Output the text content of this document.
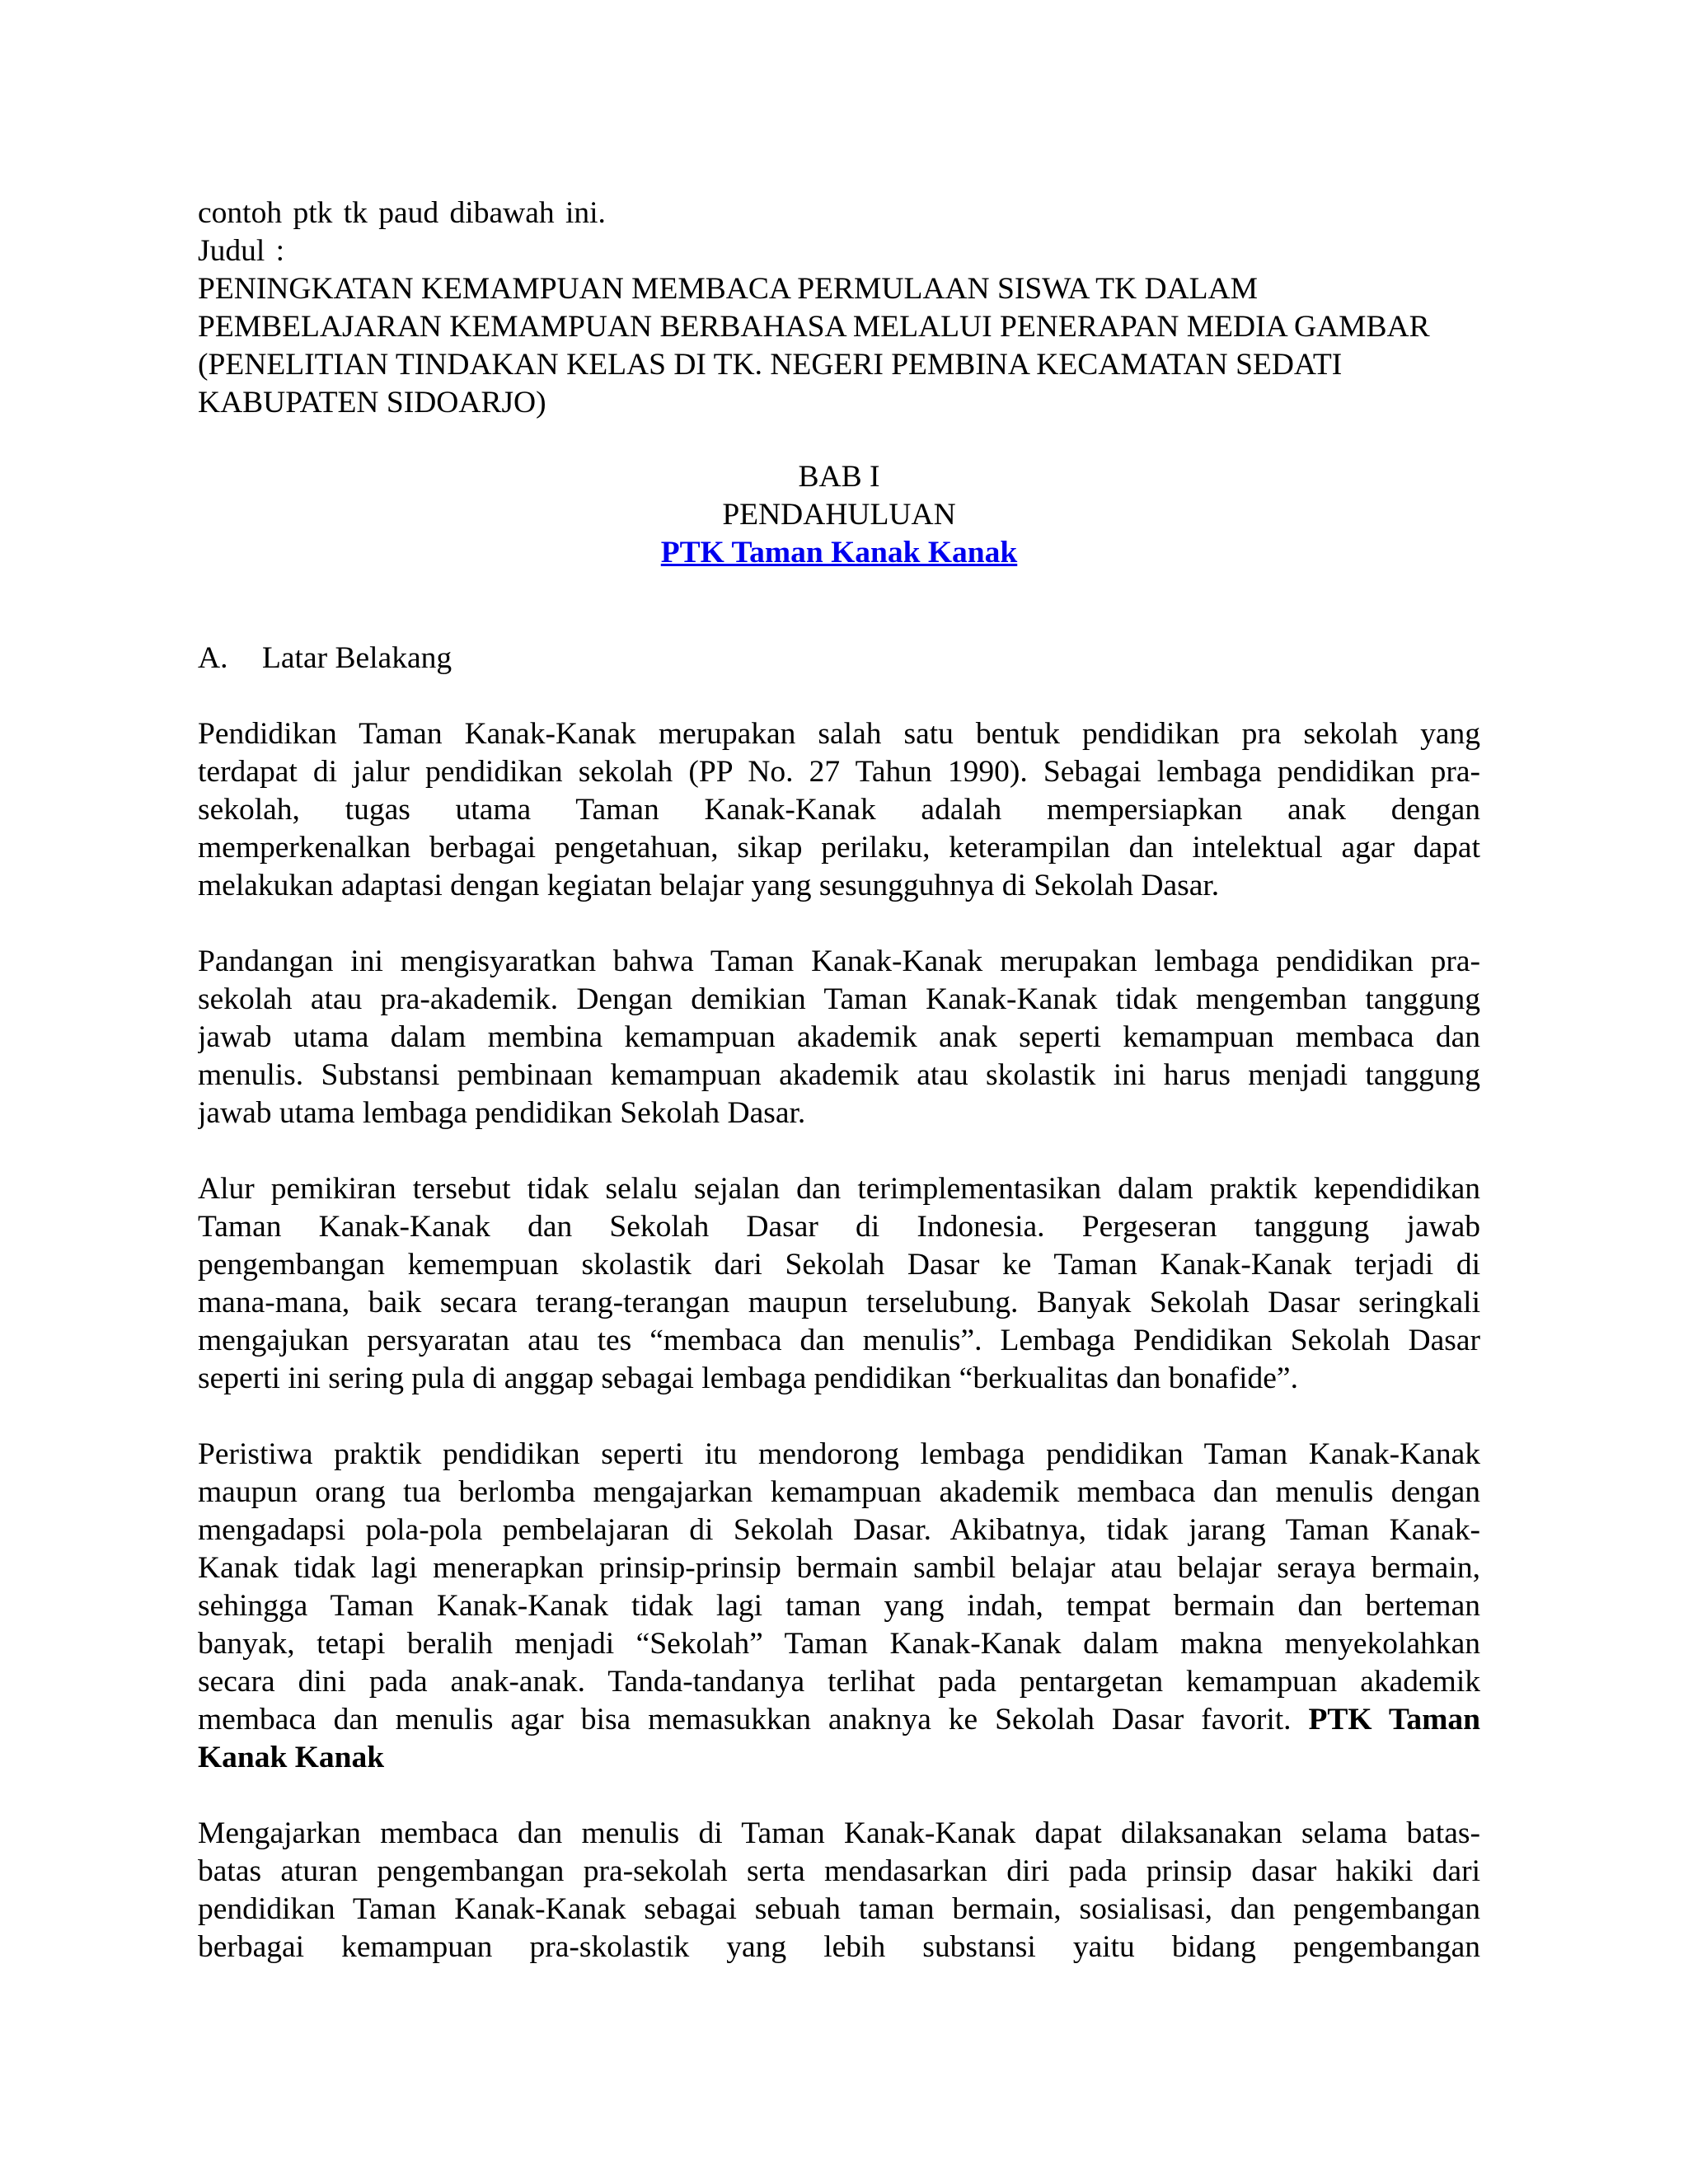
contoh ptk tk paud dibawah ini.
Judul :
PENINGKATAN KEMAMPUAN MEMBACA PERMULAAN SISWA TK DALAM PEMBELAJARAN KEMAMPUAN BERBAHASA MELALUI PENERAPAN MEDIA GAMBAR (PENELITIAN TINDAKAN KELAS DI TK. NEGERI PEMBINA KECAMATAN SEDATI KABUPATEN SIDOARJO)
BAB I
PENDAHULUAN
PTK Taman Kanak Kanak
A.	Latar Belakang
Pendidikan Taman Kanak-Kanak merupakan salah satu bentuk pendidikan pra sekolah yang
terdapat di jalur pendidikan sekolah (PP No. 27 Tahun 1990). Sebagai lembaga pendidikan pra-
sekolah, tugas utama Taman Kanak-Kanak adalah mempersiapkan anak dengan
memperkenalkan berbagai pengetahuan, sikap perilaku, keterampilan dan intelektual agar dapat
melakukan adaptasi dengan kegiatan belajar yang sesungguhnya di Sekolah Dasar.
Pandangan ini mengisyaratkan bahwa Taman Kanak-Kanak merupakan lembaga pendidikan pra-
sekolah atau pra-akademik. Dengan demikian Taman Kanak-Kanak tidak mengemban tanggung
jawab utama dalam membina kemampuan akademik anak seperti kemampuan membaca dan
menulis. Substansi pembinaan kemampuan akademik atau skolastik ini harus menjadi tanggung
jawab utama lembaga pendidikan Sekolah Dasar.
Alur pemikiran tersebut tidak selalu sejalan dan terimplementasikan dalam praktik kependidikan
Taman Kanak-Kanak dan Sekolah Dasar di Indonesia. Pergeseran tanggung jawab
pengembangan kemempuan skolastik dari Sekolah Dasar ke Taman Kanak-Kanak terjadi di
mana-mana, baik secara terang-terangan maupun terselubung. Banyak Sekolah Dasar seringkali
mengajukan persyaratan atau tes “membaca dan menulis”. Lembaga Pendidikan Sekolah Dasar
seperti ini sering pula di anggap sebagai lembaga pendidikan “berkualitas dan bonafide”.
Peristiwa praktik pendidikan seperti itu mendorong lembaga pendidikan Taman Kanak-Kanak
maupun orang tua berlomba mengajarkan kemampuan akademik membaca dan menulis dengan
mengadapsi pola-pola pembelajaran di Sekolah Dasar. Akibatnya, tidak jarang Taman Kanak-
Kanak tidak lagi menerapkan prinsip-prinsip bermain sambil belajar atau belajar seraya bermain,
sehingga Taman Kanak-Kanak tidak lagi taman yang indah, tempat bermain dan berteman
banyak, tetapi beralih menjadi “Sekolah” Taman Kanak-Kanak dalam makna menyekolahkan
secara dini pada anak-anak. Tanda-tandanya terlihat pada pentargetan kemampuan akademik
membaca dan menulis agar bisa memasukkan anaknya ke Sekolah Dasar favorit. PTK Taman
Kanak Kanak
Mengajarkan membaca dan menulis di Taman Kanak-Kanak dapat dilaksanakan selama batas-
batas aturan pengembangan pra-sekolah serta mendasarkan diri pada prinsip dasar hakiki dari
pendidikan Taman Kanak-Kanak sebagai sebuah taman bermain, sosialisasi, dan pengembangan
berbagai kemampuan pra-skolastik yang lebih substansi yaitu bidang pengembangan
